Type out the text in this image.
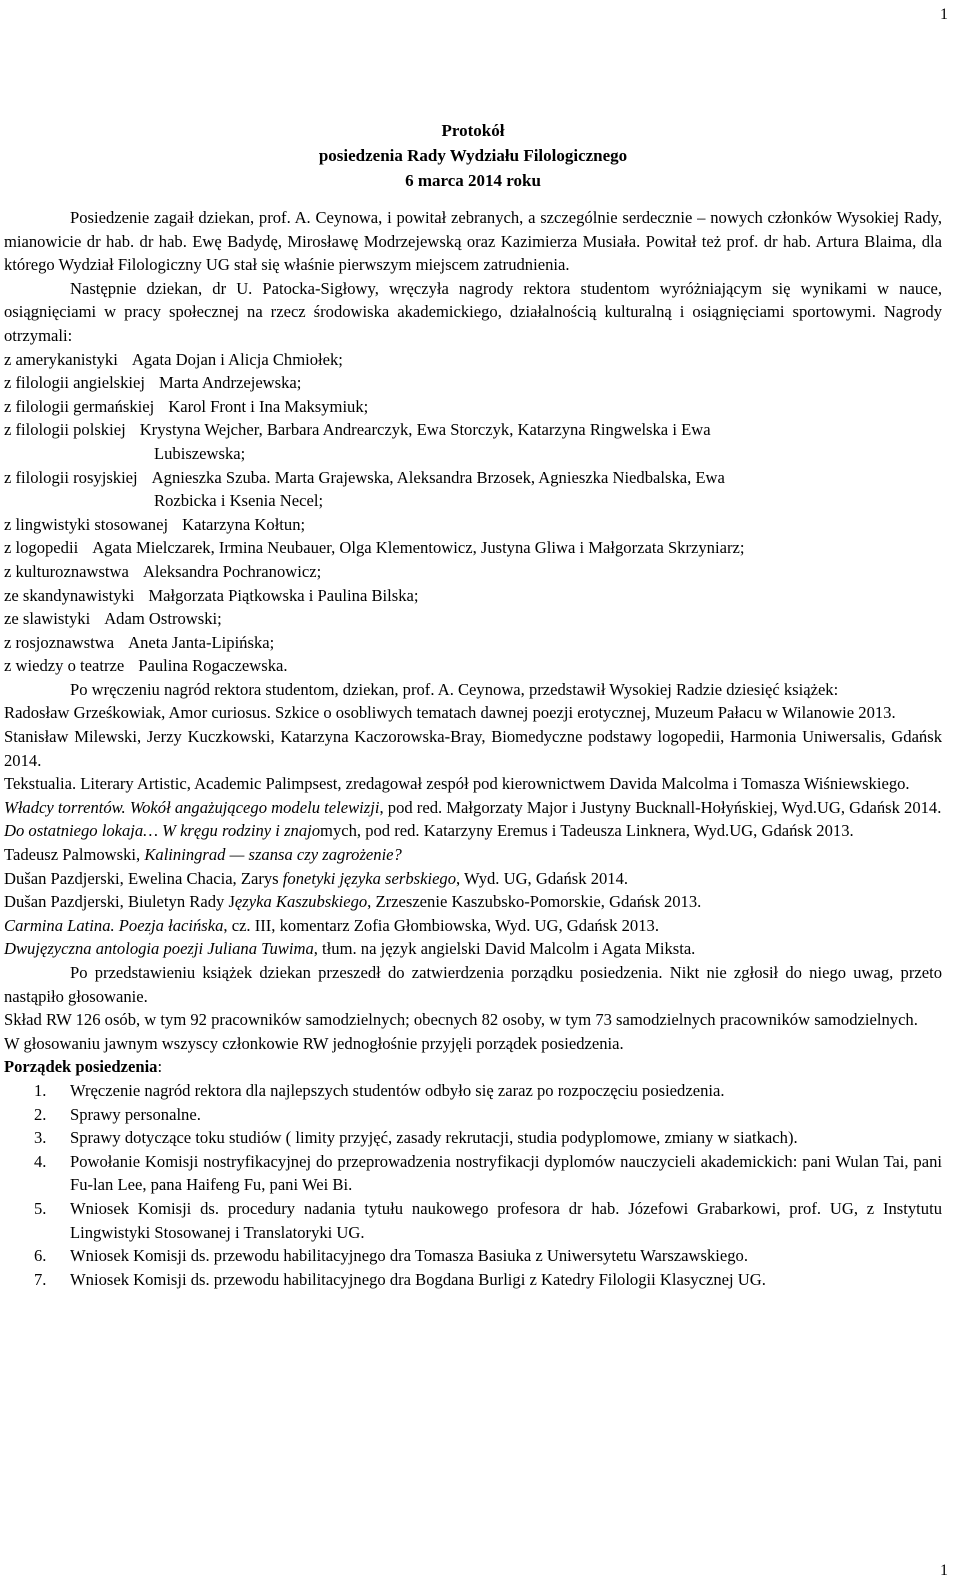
1
Protokół
posiedzenia Rady Wydziału Filologicznego
6 marca 2014 roku

Posiedzenie zagaił dziekan, prof. A. Ceynowa, i powitał zebranych, a szczególnie serdecznie – nowych członków Wysokiej Rady, mianowicie dr hab. dr hab. Ewę Badydę, Mirosławę Modrzejewską oraz Kazimierza Musiała. Powitał też prof. dr hab. Artura Blaima, dla którego Wydział Filologiczny UG stał się właśnie pierwszym miejscem zatrudnienia.

Następnie dziekan, dr U. Patocka-Sigłowy, wręczyła nagrody rektora studentom wyróżniającym się wynikami w nauce, osiągnięciami w pracy społecznej na rzecz środowiska akademickiego, działalnością kulturalną i osiągnięciami sportowymi. Nagrody otrzymali:

z amerykanistyki Agata Dojan i Alicja Chmiołek;
z filologii angielskiej Marta Andrzejewska;
z filologii germańskiej Karol Front i Ina Maksymiuk;
z filologii polskiej Krystyna Wejcher, Barbara Andrearczyk, Ewa Storczyk, Katarzyna Ringwelska i Ewa
Lubiszewska;
z filologii rosyjskiej Agnieszka Szuba. Marta Grajewska, Aleksandra Brzosek, Agnieszka Niedbalska, Ewa
Rozbicka i Ksenia Necel;
z lingwistyki stosowanej Katarzyna Kołtun;
z logopedii Agata Mielczarek, Irmina Neubauer, Olga Klementowicz, Justyna Gliwa i Małgorzata Skrzyniarz;
z kulturoznawstwa Aleksandra Pochranowicz;
ze skandynawistyki Małgorzata Piątkowska i Paulina Bilska;
ze slawistyki Adam Ostrowski;
z rosjoznawstwa Aneta Janta-Lipińska;
z wiedzy o teatrze Paulina Rogaczewska.

Po wręczeniu nagród rektora studentom, dziekan, prof. A. Ceynowa, przedstawił Wysokiej Radzie dziesięć książek:

Radosław Grześkowiak, Amor curiosus. Szkice o osobliwych tematach dawnej poezji erotycznej, Muzeum Pałacu w Wilanowie 2013.

Stanisław Milewski, Jerzy Kuczkowski, Katarzyna Kaczorowska-Bray, Biomedyczne podstawy logopedii, Harmonia Uniwersalis, Gdańsk 2014.

Tekstualia. Literary Artistic, Academic Palimpsest, zredagował zespół pod kierownictwem Davida Malcolma i Tomasza Wiśniewskiego.

Władcy torrentów. Wokół angażującego modelu telewizji, pod red. Małgorzaty Major i Justyny Bucknall-Hołyńskiej, Wyd.UG, Gdańsk 2014.

Do ostatniego lokaja… W kręgu rodziny i znajomych, pod red. Katarzyny Eremus i Tadeusza Linknera, Wyd.UG, Gdańsk 2013.

Tadeusz Palmowski, Kaliningrad — szansa czy zagrożenie?

Dušan Pazdjerski, Ewelina Chacia, Zarys fonetyki języka serbskiego, Wyd. UG, Gdańsk 2014.

Dušan Pazdjerski, Biuletyn Rady Języka Kaszubskiego, Zrzeszenie Kaszubsko-Pomorskie, Gdańsk 2013.

Carmina Latina. Poezja łacińska, cz. III, komentarz Zofia Głombiowska, Wyd. UG, Gdańsk 2013.

Dwujęzyczna antologia poezji Juliana Tuwima, tłum. na język angielski David Malcolm i Agata Miksta.

Po przedstawieniu książek dziekan przeszedł do zatwierdzenia porządku posiedzenia. Nikt nie zgłosił do niego uwag, przeto nastąpiło głosowanie.

Skład RW 126 osób, w tym 92 pracowników samodzielnych; obecnych 82 osoby, w tym 73 samodzielnych pracowników samodzielnych.

W głosowaniu jawnym wszyscy członkowie RW jednogłośnie przyjęli porządek posiedzenia.

Porządek posiedzenia:

1. Wręczenie nagród rektora dla najlepszych studentów odbyło się zaraz po rozpoczęciu posiedzenia.
2. Sprawy personalne.
3. Sprawy dotyczące toku studiów ( limity przyjęć, zasady rekrutacji, studia podyplomowe, zmiany w siatkach).
4. Powołanie Komisji nostryfikacyjnej do przeprowadzenia nostryfikacji dyplomów nauczycieli akademickich: pani Wulan Tai, pani Fu-lan Lee, pana Haifeng Fu, pani Wei Bi.
5. Wniosek Komisji ds. procedury nadania tytułu naukowego profesora dr hab. Józefowi Grabarkowi, prof. UG, z Instytutu Lingwistyki Stosowanej i Translatoryki UG.
6. Wniosek Komisji ds. przewodu habilitacyjnego dra Tomasza Basiuka z Uniwersytetu Warszawskiego.
7. Wniosek Komisji ds. przewodu habilitacyjnego dra Bogdana Burligi z Katedry Filologii Klasycznej UG.
1
